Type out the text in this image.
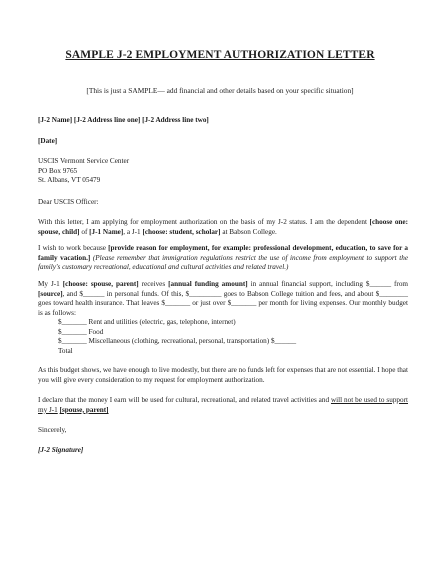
SAMPLE J-2 EMPLOYMENT AUTHORIZATION LETTER
[This is just a SAMPLE— add financial and other details based on your specific situation]
[J-2 Name] [J-2 Address line one] [J-2 Address line two]
[Date]
USCIS Vermont Service Center
PO Box 9765
St. Albans, VT 05479
Dear USCIS Officer:
With this letter, I am applying for employment authorization on the basis of my J-2 status. I am the dependent [choose one: spouse, child] of [J-1 Name], a J-1 [choose: student, scholar] at Babson College.
I wish to work because [provide reason for employment, for example: professional development, education, to save for a family vacation.] (Please remember that immigration regulations restrict the use of income from employment to support the family's customary recreational, educational and cultural activities and related travel.)
My J-1 [choose: spouse, parent] receives [annual funding amount] in annual financial support, including $______ from [source], and $______ in personal funds. Of this, $_________ goes to Babson College tuition and fees, and about $________ goes toward health insurance. That leaves $_______ or just over $_______ per month for living expenses. Our monthly budget is as follows:
$_______ Rent and utilities (electric, gas, telephone, internet)
$_______ Food
$_______ Miscellaneous (clothing, recreational, personal, transportation) $______
Total
As this budget shows, we have enough to live modestly, but there are no funds left for expenses that are not essential. I hope that you will give every consideration to my request for employment authorization.
I declare that the money I earn will be used for cultural, recreational, and related travel activities and will not be used to support my J-1 [spouse, parent]
Sincerely,
[J-2 Signature]
